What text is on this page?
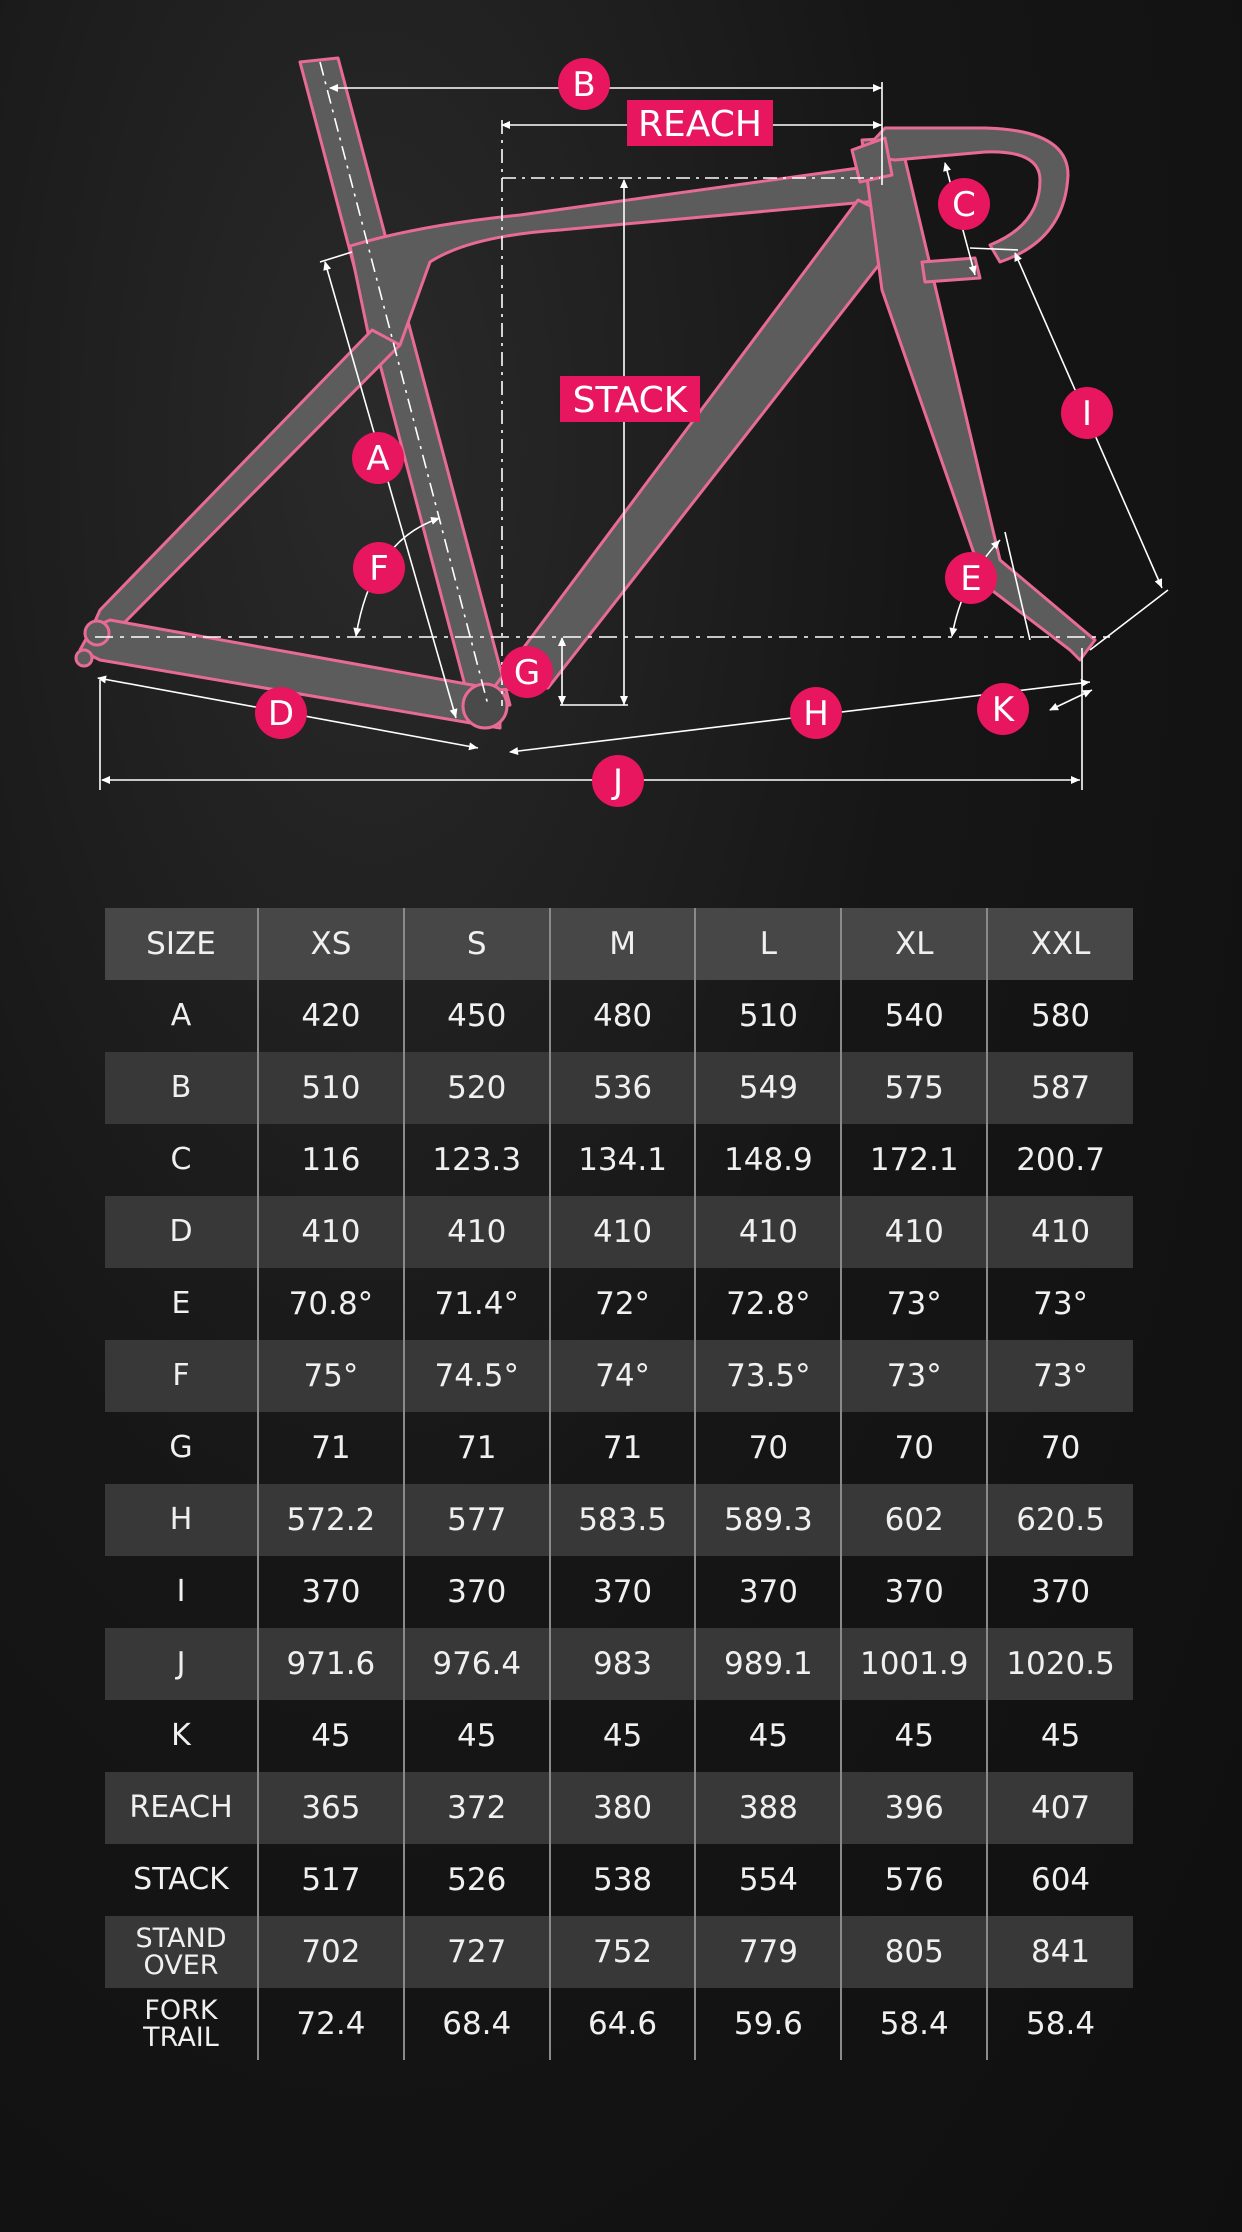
REACH
STACK
A
B
C
D
E
F
G
H
I
J
K
SIZE	XS	S	M	L	XL	XXL
A	420	450	480	510	540	580
B	510	520	536	549	575	587
C	116	123.3	134.1	148.9	172.1	200.7
D	410	410	410	410	410	410
E	70.8°	71.4°	72°	72.8°	73°	73°
F	75°	74.5°	74°	73.5°	73°	73°
G	71	71	71	70	70	70
H	572.2	577	583.5	589.3	602	620.5
I	370	370	370	370	370	370
J	971.6	976.4	983	989.1	1001.9	1020.5
K	45	45	45	45	45	45
REACH	365	372	380	388	396	407
STACK	517	526	538	554	576	604

STAND
OVER	702	727	752	779	805	841

FORK
TRAIL	72.4	68.4	64.6	59.6	58.4	58.4
